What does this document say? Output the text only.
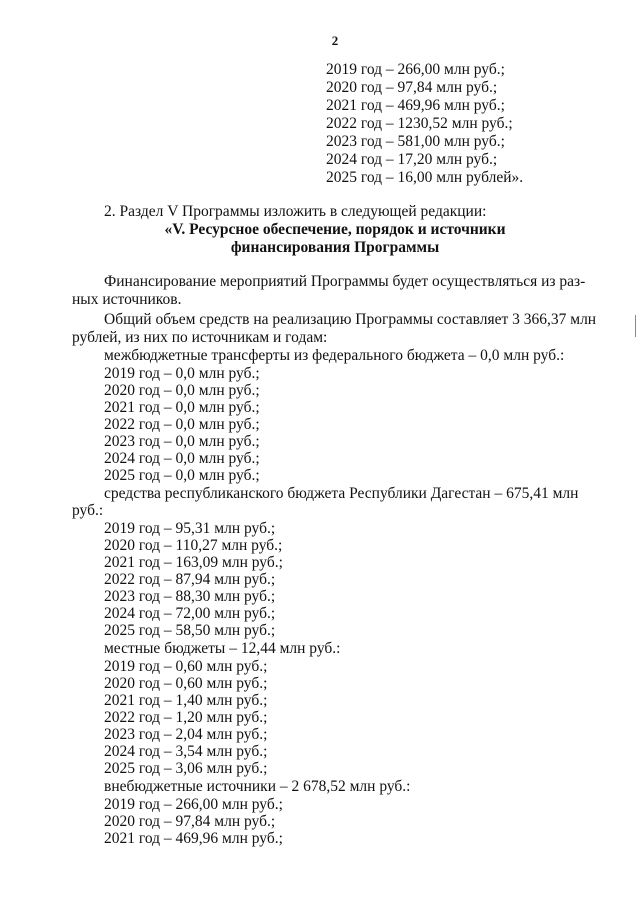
2
2019 год – 266,00 млн руб.;
2020 год – 97,84 млн руб.;
2021 год – 469,96 млн руб.;
2022 год – 1230,52 млн руб.;
2023 год – 581,00 млн руб.;
2024 год – 17,20 млн руб.;
2025 год – 16,00 млн рублей».
2. Раздел V Программы изложить в следующей редакции:
«V. Ресурсное обеспечение, порядок и источники
финансирования Программы
Финансирование мероприятий Программы будет осуществляться из раз-
ных источников.
Общий объем средств на реализацию Программы составляет 3 366,37 млн
рублей, из них по источникам и годам:
межбюджетные трансферты из федерального бюджета – 0,0 млн руб.:
2019 год – 0,0 млн руб.;
2020 год – 0,0 млн руб.;
2021 год – 0,0 млн руб.;
2022 год – 0,0 млн руб.;
2023 год – 0,0 млн руб.;
2024 год – 0,0 млн руб.;
2025 год – 0,0 млн руб.;
средства республиканского бюджета Республики Дагестан – 675,41 млн
руб.:
2019 год – 95,31 млн руб.;
2020 год – 110,27 млн руб.;
2021 год – 163,09 млн руб.;
2022 год – 87,94 млн руб.;
2023 год – 88,30 млн руб.;
2024 год – 72,00 млн руб.;
2025 год – 58,50 млн руб.;
местные бюджеты – 12,44 млн руб.:
2019 год – 0,60 млн руб.;
2020 год – 0,60 млн руб.;
2021 год – 1,40 млн руб.;
2022 год – 1,20 млн руб.;
2023 год – 2,04 млн руб.;
2024 год – 3,54 млн руб.;
2025 год – 3,06 млн руб.;
внебюджетные источники – 2 678,52 млн руб.:
2019 год – 266,00 млн руб.;
2020 год – 97,84 млн руб.;
2021 год – 469,96 млн руб.;
